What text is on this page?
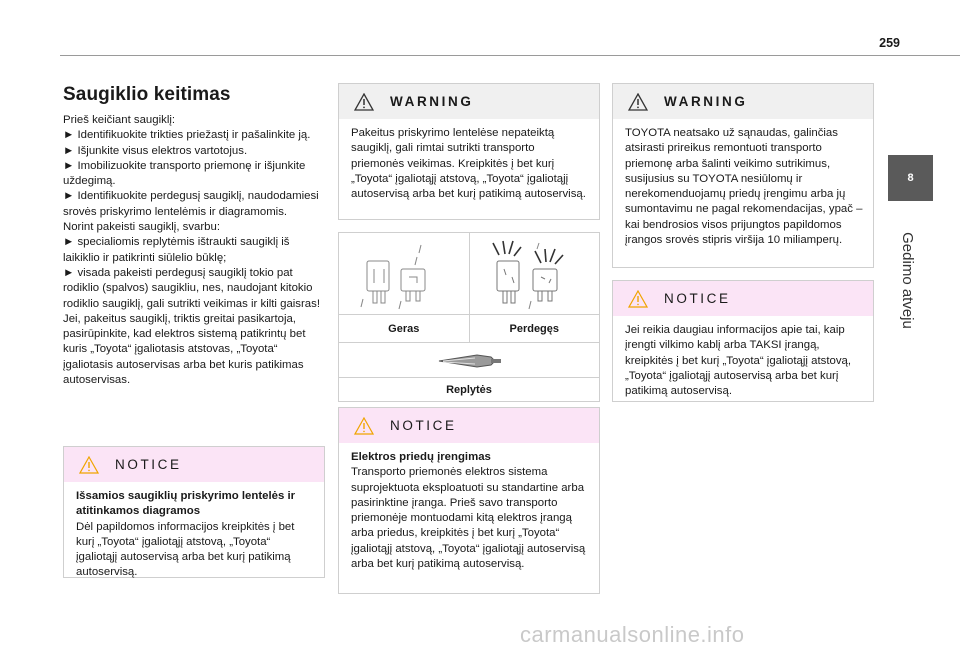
259
8
Gedimo atveju
Saugiklio keitimas

Prieš keičiant saugiklį:

► Identifikuokite trikties priežastį ir pašalinkite ją.

► Išjunkite visus elektros vartotojus.

► Imobilizuokite transporto priemonę ir išjunkite uždegimą.

► Identifikuokite perdegusį saugiklį, naudodamiesi srovės priskyrimo lentelėmis ir diagramomis.

Norint pakeisti saugiklį, svarbu:

► specialiomis replytėmis ištraukti saugiklį iš laikiklio ir patikrinti siūlelio būklę;

► visada pakeisti perdegusį saugiklį tokio pat rodiklio (spalvos) saugikliu, nes, naudojant kitokio rodiklio saugiklį, gali sutrikti veikimas ir kilti gaisras!

Jei, pakeitus saugiklį, triktis greitai pasikartoja, pasirūpinkite, kad elektros sistemą patikrintų bet kuris „Toyota“ įgaliotasis atstovas, „Toyota“ įgaliotasis autoservisas arba bet kuris patikimas autoservisas.

NOTICE
Išsamios saugiklių priskyrimo lentelės ir atitinkamos diagramos
Dėl papildomos informacijos kreipkitės į bet kurį „Toyota“ įgaliotąjį atstovą, „Toyota“ įgaliotąjį autoservisą arba bet kurį patikimą autoservisą.
WARNING
Pakeitus priskyrimo lentelėse nepateiktą saugiklį, gali rimtai sutrikti transporto priemonės veikimas. Kreipkitės į bet kurį „Toyota“ įgaliotąjį atstovą, „Toyota“ įgaliotąjį autoservisą arba bet kurį patikimą autoservisą.
Geras	Perdegęs
Replytės
NOTICE
Elektros priedų įrengimas
Transporto priemonės elektros sistema suprojektuota eksploatuoti su standartine arba pasirinktine įranga. Prieš savo transporto priemonėje montuodami kitą elektros įrangą arba priedus, kreipkitės į bet kurį „Toyota“ įgaliotąjį atstovą, „Toyota“ įgaliotąjį autoservisą arba bet kurį patikimą autoservisą.
WARNING
TOYOTA neatsako už sąnaudas, galinčias atsirasti prireikus remontuoti transporto priemonę arba šalinti veikimo sutrikimus, susijusius su TOYOTA nesiūlomų ir nerekomenduojamų priedų įrengimu arba jų sumontavimu ne pagal rekomendacijas, ypač – kai bendrosios visos prijungtos papildomos įrangos srovės stipris viršija 10 miliamperų.
NOTICE
Jei reikia daugiau informacijos apie tai, kaip įrengti vilkimo kablį arba TAKSI įrangą, kreipkitės į bet kurį „Toyota“ įgaliotąjį atstovą, „Toyota“ įgaliotąjį autoservisą arba bet kurį patikimą autoservisą.
carmanualsonline.info
